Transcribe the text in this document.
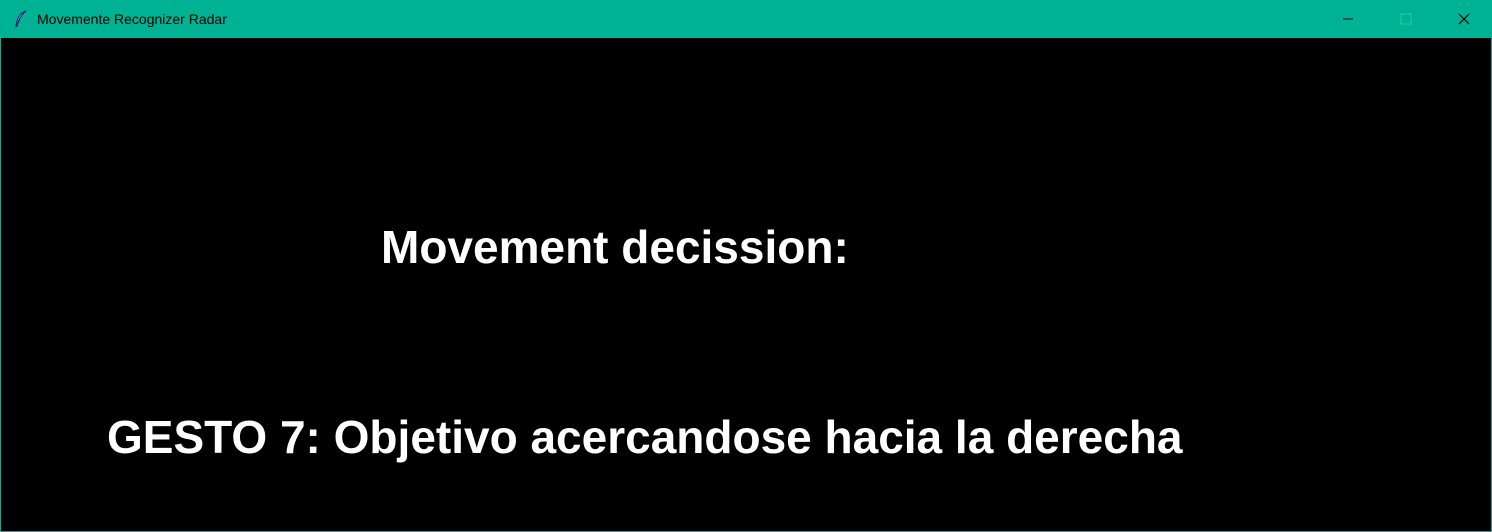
Movemente Recognizer Radar
Movement decission:
GESTO 7: Objetivo acercandose hacia la derecha
